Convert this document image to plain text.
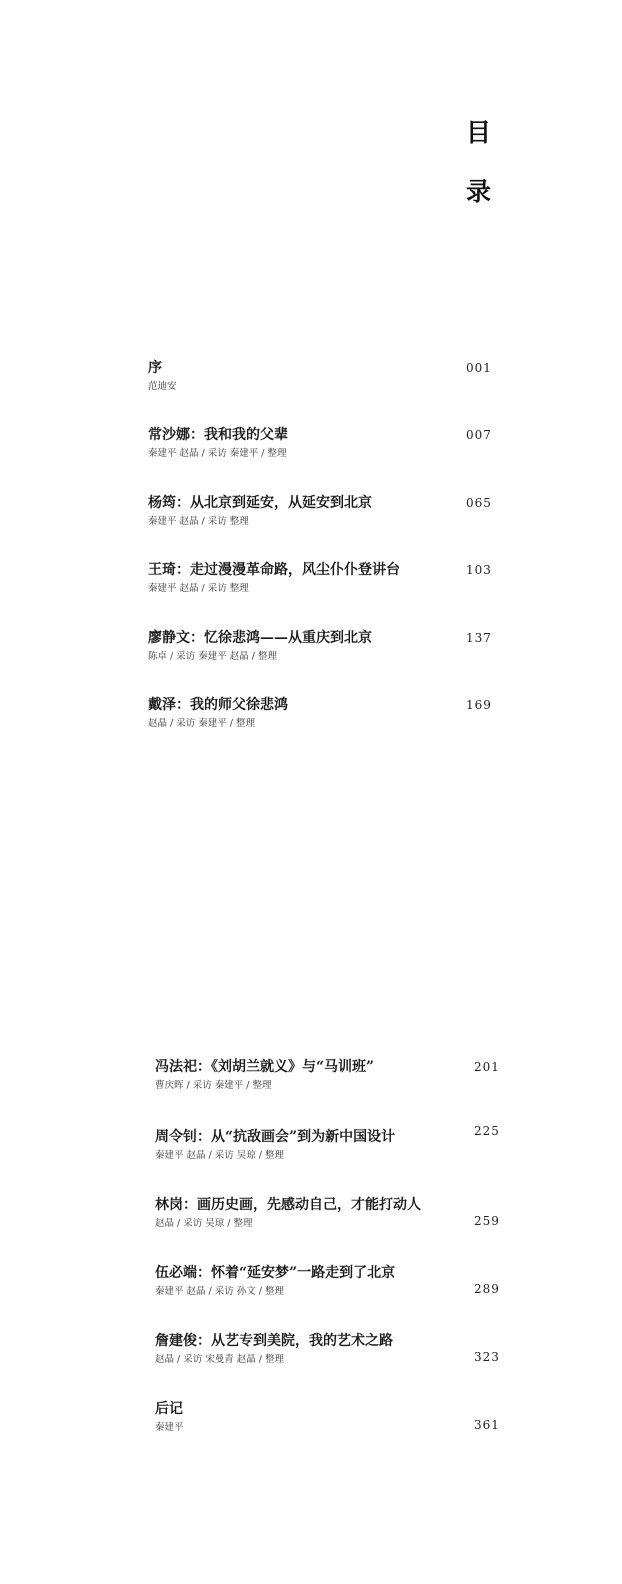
目
录
序
范迪安
001
常沙娜：我和我的父辈
秦建平 赵晶 / 采访 秦建平 / 整理
007
杨筠：从北京到延安，从延安到北京
秦建平 赵晶 / 采访 整理
065
王琦：走过漫漫革命路，风尘仆仆登讲台
秦建平 赵晶 / 采访 整理
103
廖静文：忆徐悲鸿——从重庆到北京
陈卓 / 采访 秦建平 赵晶 / 整理
137
戴泽：我的师父徐悲鸿
赵晶 / 采访 秦建平 / 整理
169
冯法祀：《刘胡兰就义》与“马训班”
曹庆晖 / 采访 秦建平 / 整理
201
周令钊：从“抗敌画会”到为新中国设计
秦建平 赵晶 / 采访 吴琼 / 整理
225
林岗：画历史画，先感动自己，才能打动人
赵晶 / 采访 吴琼 / 整理	259
伍必端：怀着“延安梦”一路走到了北京
秦建平 赵晶 / 采访 孙文 / 整理	289
詹建俊：从艺专到美院，我的艺术之路
赵晶 / 采访 宋曼青 赵晶 / 整理	323
后记
秦建平	361
